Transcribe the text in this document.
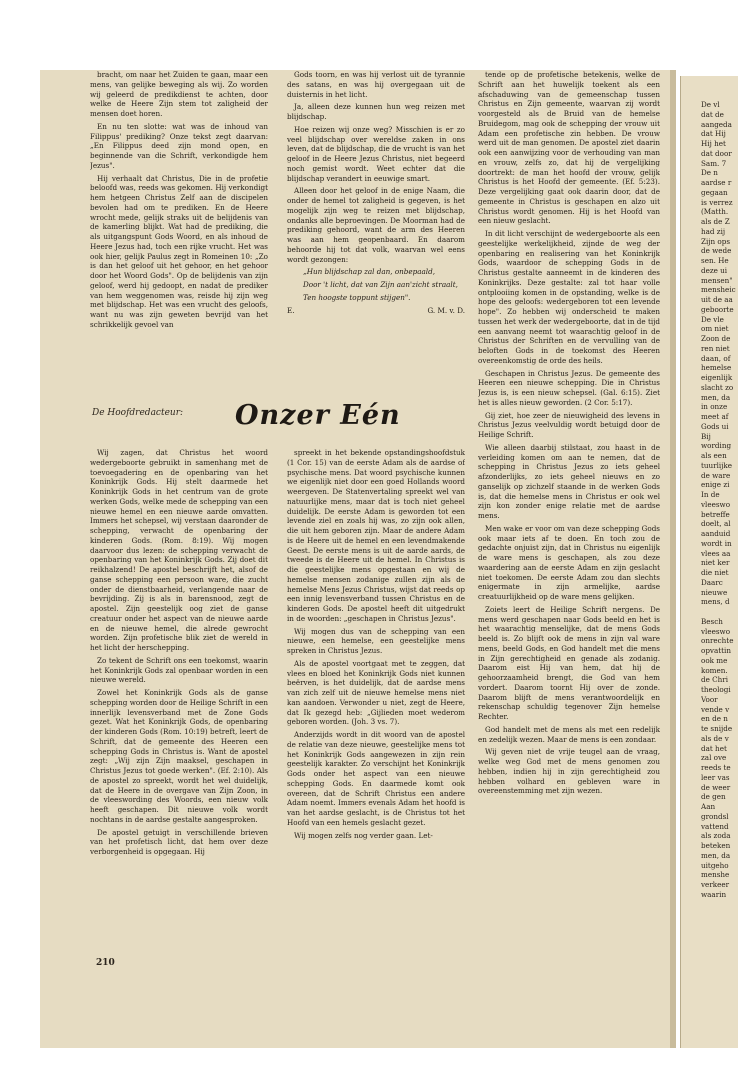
bracht, om naar het Zuiden te gaan, maar een mens, van gelijke beweging als wij. Zo worden wij geleerd de predikdienst te achten, door welke de Heere Zijn stem tot zaligheid der mensen doet horen.

En nu ten slotte: wat was de inhoud van Filippus' prediking? Onze tekst zegt daarvan: „En Filippus deed zijn mond open, en beginnende van die Schrift, verkondigde hem Jezus".

Hij verhaalt dat Christus, Die in de profetie beloofd was, reeds was gekomen. Hij verkondigt hem hetgeen Christus Zelf aan de discipelen bevolen had om te prediken. En de Heere wrocht mede, gelijk straks uit de belijdenis van de kamerling blijkt. Wat had de prediking, die als uitgangspunt Gods Woord, en als inhoud de Heere Jezus had, toch een rijke vrucht. Het was ook hier, gelijk Paulus zegt in Romeinen 10: „Zo is dan het geloof uit het gehoor, en het gehoor door het Woord Gods". Op de belijdenis van zijn geloof, werd hij gedoopt, en nadat de prediker van hem weggenomen was, reisde hij zijn weg met blijdschap. Het was een vrucht des geloofs, want nu was zijn geweten bevrijd van het schrikkelijk gevoel van

Gods toorn, en was hij verlost uit de tyrannie des satans, en was hij overgegaan uit de duisternis in het licht.

Ja, alleen deze kunnen hun weg reizen met blijdschap.

Hoe reizen wij onze weg? Misschien is er zo veel blijdschap over wereldse zaken in ons leven, dat de blijdschap, die de vrucht is van het geloof in de Heere Jezus Christus, niet begeerd noch gemist wordt. Weet echter dat die blijdschap verandert in eeuwige smart.

Alleen door het geloof in de enige Naam, die onder de hemel tot zaligheid is gegeven, is het mogelijk zijn weg te reizen met blijdschap, ondanks alle beproevingen. De Moorman had de prediking gehoord, want de arm des Heeren was aan hem geopenbaard. En daarom behoorde hij tot dat volk, waarvan wel eens wordt gezongen:

„Hun blijdschap zal dan, onbepaald,

Door 't licht, dat van Zijn aan'zicht straalt,

Ten hoogste toppunt stijgen".

E.	G. M. v. D.

tende op de profetische betekenis, welke de Schrift aan het huwelijk toekent als een afschaduwing van de gemeenschap tussen Christus en Zijn gemeente, waarvan zij wordt voorgesteld als de Bruid van de hemelse Bruidegom, mag ook de schepping der vrouw uit Adam een profetische zin hebben. De vrouw werd uit de man genomen. De apostel ziet daarin ook een aanwijzing voor de verhouding van man en vrouw, zelfs zo, dat hij de vergelijking doortrekt: de man het hoofd der vrouw, gelijk Christus is het Hoofd der gemeente. (Ef. 5:23). Deze vergelijking gaat ook daarin door, dat de gemeente in Christus is geschapen en alzo uit Christus wordt genomen. Hij is het Hoofd van een nieuw geslacht.

In dit licht verschijnt de wedergeboorte als een geestelijke werkelijkheid, zijnde de weg der openbaring en realisering van het Koninkrijk Gods, waardoor de schepping Gods in de Christus gestalte aanneemt in de kinderen des Koninkrijks. Deze gestalte: zal tot haar volle ontplooiing komen in de opstanding, welke is de hope des geloofs: wedergeboren tot een levende hope". Zo hebben wij onderscheid te maken tussen het werk der wedergeboorte, dat in de tijd een aanvang neemt tot waarachtig geloof in de Christus der Schriften en de vervulling van de beloften Gods in de toekomst des Heeren overeenkomstig de orde des heils.

Geschapen in Christus Jezus. De gemeente des Heeren een nieuwe schepping. Die in Christus Jezus is, is een nieuw schepsel. (Gal. 6:15). Ziet het is alles nieuw geworden. (2 Cor. 5:17).

Gij ziet, hoe zeer de nieuwigheid des levens in Christus Jezus veelvuldig wordt betuigd door de Heilige Schrift.

Wie alleen daarbij stilstaat, zou haast in de verleiding komen om aan te nemen, dat de schepping in Christus Jezus zo iets geheel afzonderlijks, zo iets geheel nieuws en zo ganselijk op zichzelf staande in de werken Gods is, dat die hemelse mens in Christus er ook wel zijn kon zonder enige relatie met de aardse mens.

Men wake er voor om van deze schepping Gods ook maar iets af te doen. En toch zou de gedachte onjuist zijn, dat in Christus nu eigenlijk de ware mens is geschapen, als zou deze waardering aan de eerste Adam en zijn geslacht niet toekomen. De eerste Adam zou dan slechts enigermate in zijn armelijke, aardse creatuurlijkheid op de ware mens gelijken.

Zoiets leert de Heilige Schrift nergens. De mens werd geschapen naar Gods beeld en het is het waarachtig menselijke, dat de mens Gods beeld is. Zo blijft ook de mens in zijn val ware mens, beeld Gods, en God handelt met die mens in Zijn gerechtigheid en genade als zodanig. Daarom eist Hij van hem, dat hij de gehoorzaamheid brengt, die God van hem vordert. Daarom toornt Hij over de zonde. Daarom blijft de mens verantwoordelijk en rekenschap schuldig tegenover Zijn hemelse Rechter.

God handelt met de mens als met een redelijk en zedelijk wezen. Maar de mens is een zondaar.

Wij geven niet de vrije teugel aan de vraag, welke weg God met de mens genomen zou hebben, indien hij in zijn gerechtigheid zou hebben volhard en gebleven ware in overeenstemming met zijn wezen.

De Hoofdredacteur: Onzer Eén

Wij zagen, dat Christus het woord wedergeboorte gebruikt in samenhang met de toevoegadering en de openbaring van het Koninkrijk Gods. Hij stelt daarmede het Koninkrijk Gods in het centrum van de grote werken Gods, welke mede de schepping van een nieuwe hemel en een nieuwe aarde omvatten. Immers het schepsel, wij verstaan daaronder de schepping, verwacht de openbaring der kinderen Gods. (Rom. 8:19). Wij mogen daarvoor dus lezen: de schepping verwacht de openbaring van het Koninkrijk Gods. Zij doet dit reikhalzend! De apostel beschrijft het, alsof de ganse schepping een persoon ware, die zucht onder de dienstbaarheid, verlangende naar de bevrijding. Zij is als in barensnood, zegt de apostel. Zijn geestelijk oog ziet de ganse creatuur onder het aspect van de nieuwe aarde en de nieuwe hemel, die alrede gewrocht worden. Zijn profetische blik ziet de wereld in het licht der herschepping.

Zo tekent de Schrift ons een toekomst, waarin het Koninkrijk Gods zal openbaar worden in een nieuwe wereld.

Zowel het Koninkrijk Gods als de ganse schepping worden door de Heilige Schrift in een innerlijk levensverband met de Zone Gods gezet. Wat het Koninkrijk Gods, de openbaring der kinderen Gods (Rom. 10:19) betreft, leert de Schrift, dat de gemeente des Heeren een schepping Gods in Christus is. Want de apostel zegt: „Wij zijn Zijn maaksel, geschapen in Christus Jezus tot goede werken". (Ef. 2:10). Als de apostel zo spreekt, wordt het wel duidelijk, dat de Heere in de overgave van Zijn Zoon, in de vleeswording des Woords, een nieuw volk heeft geschapen. Dit nieuwe volk wordt nochtans in de aardse gestalte aangesproken.

De apostel getuigt in verschillende brieven van het profetisch licht, dat hem over deze verborgenheid is opgegaan. Hij

spreekt in het bekende opstandingshoofdstuk (1 Cor. 15) van de eerste Adam als de aardse of psychische mens. Dat woord psychische kunnen we eigenlijk niet door een goed Hollands woord weergeven. De Statenvertaling spreekt wel van natuurlijke mens, maar dat is toch niet geheel duidelijk. De eerste Adam is geworden tot een levende ziel en zoals hij was, zo zijn ook allen, die uit hem geboren zijn. Maar de andere Adam is de Heere uit de hemel en een levendmakende Geest. De eerste mens is uit de aarde aards, de tweede is de Heere uit de hemel. In Christus is die geestelijke mens opgestaan en wij de hemelse mensen zodanige zullen zijn als de hemelse Mens Jezus Christus, wijst dat reeds op een innig levensverband tussen Christus en de kinderen Gods. De apostel heeft dit uitgedrukt in de woorden: „geschapen in Christus Jezus".

Wij mogen dus van de schepping van een nieuwe, een hemelse, een geestelijke mens spreken in Christus Jezus.

Als de apostel voortgaat met te zeggen, dat vlees en bloed het Koninkrijk Gods niet kunnen beërven, is het duidelijk, dat de aardse mens van zich zelf uit de nieuwe hemelse mens niet kan aandoen. Verwonder u niet, zegt de Heere, dat Ik gezegd heb: „Gijlieden moet wederom geboren worden. (Joh. 3 vs. 7).

Anderzijds wordt in dit woord van de apostel de relatie van deze nieuwe, geestelijke mens tot het Koninkrijk Gods aangewezen in zijn rein geestelijk karakter. Zo verschijnt het Koninkrijk Gods onder het aspect van een nieuwe schepping Gods. En daarmede komt ook overeen, dat de Schrift Christus een andere Adam noemt. Immers evenals Adam het hoofd is van het aardse geslacht, is de Christus tot het Hoofd van een hemels geslacht gezet.

Wij mogen zelfs nog verder gaan. Let-

210
De vl
dat de
aangeda
dat Hij
Hij het
dat door
Sam. 7
De n
aardse r
gegaan
is verrez
(Matth.
als de Z
had zij
Zijn ops
de wede
sen. He
deze ui
mensen"
mensheic
uit de aa
geboorte
De vle
om niet
Zoon de
ren niet
daan, of
hemelse
eigenlijk
slacht zo
men, da
in onze
meet af
Gods ui
Bij
wording
als een
tuurlijke
de ware
enige zi
In de
vleeswo
betreffe
doelt, al
aanduid
wordt in
vlees aa
niet ker
die niet
Daarc
nieuwe
mens, d

Besch
vleeswo
onrechte
opvattin
ook me
komen.
de Chri
theologi
Voor
vende v
en de n
te snijde
als de v
dat het
zal ove
reeds te
leer vas
de weer
de gen
Aan
grondsl
vattend
als zoda
beteken
men, da
uitgeho
menshe
verkeer
waarin
